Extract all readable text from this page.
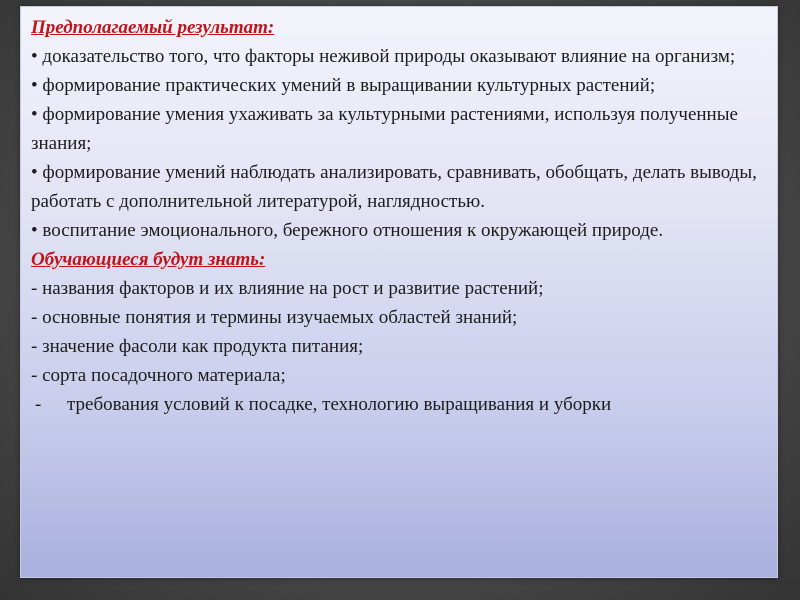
Предполагаемый результат:
• доказательство того, что факторы неживой природы оказывают влияние на организм;
• формирование практических умений в выращивании культурных растений;
• формирование умения ухаживать за культурными растениями, используя полученные знания;
• формирование умений наблюдать анализировать, сравнивать, обобщать, делать выводы, работать с дополнительной литературой, наглядностью.
• воспитание эмоционального, бережного отношения к окружающей природе.
Обучающиеся будут знать:
- названия факторов и их влияние на рост и развитие растений;
- основные понятия и термины изучаемых областей знаний;
- значение фасоли как продукта питания;
- сорта посадочного материала;
- требования условий к посадке, технологию выращивания и уборки
